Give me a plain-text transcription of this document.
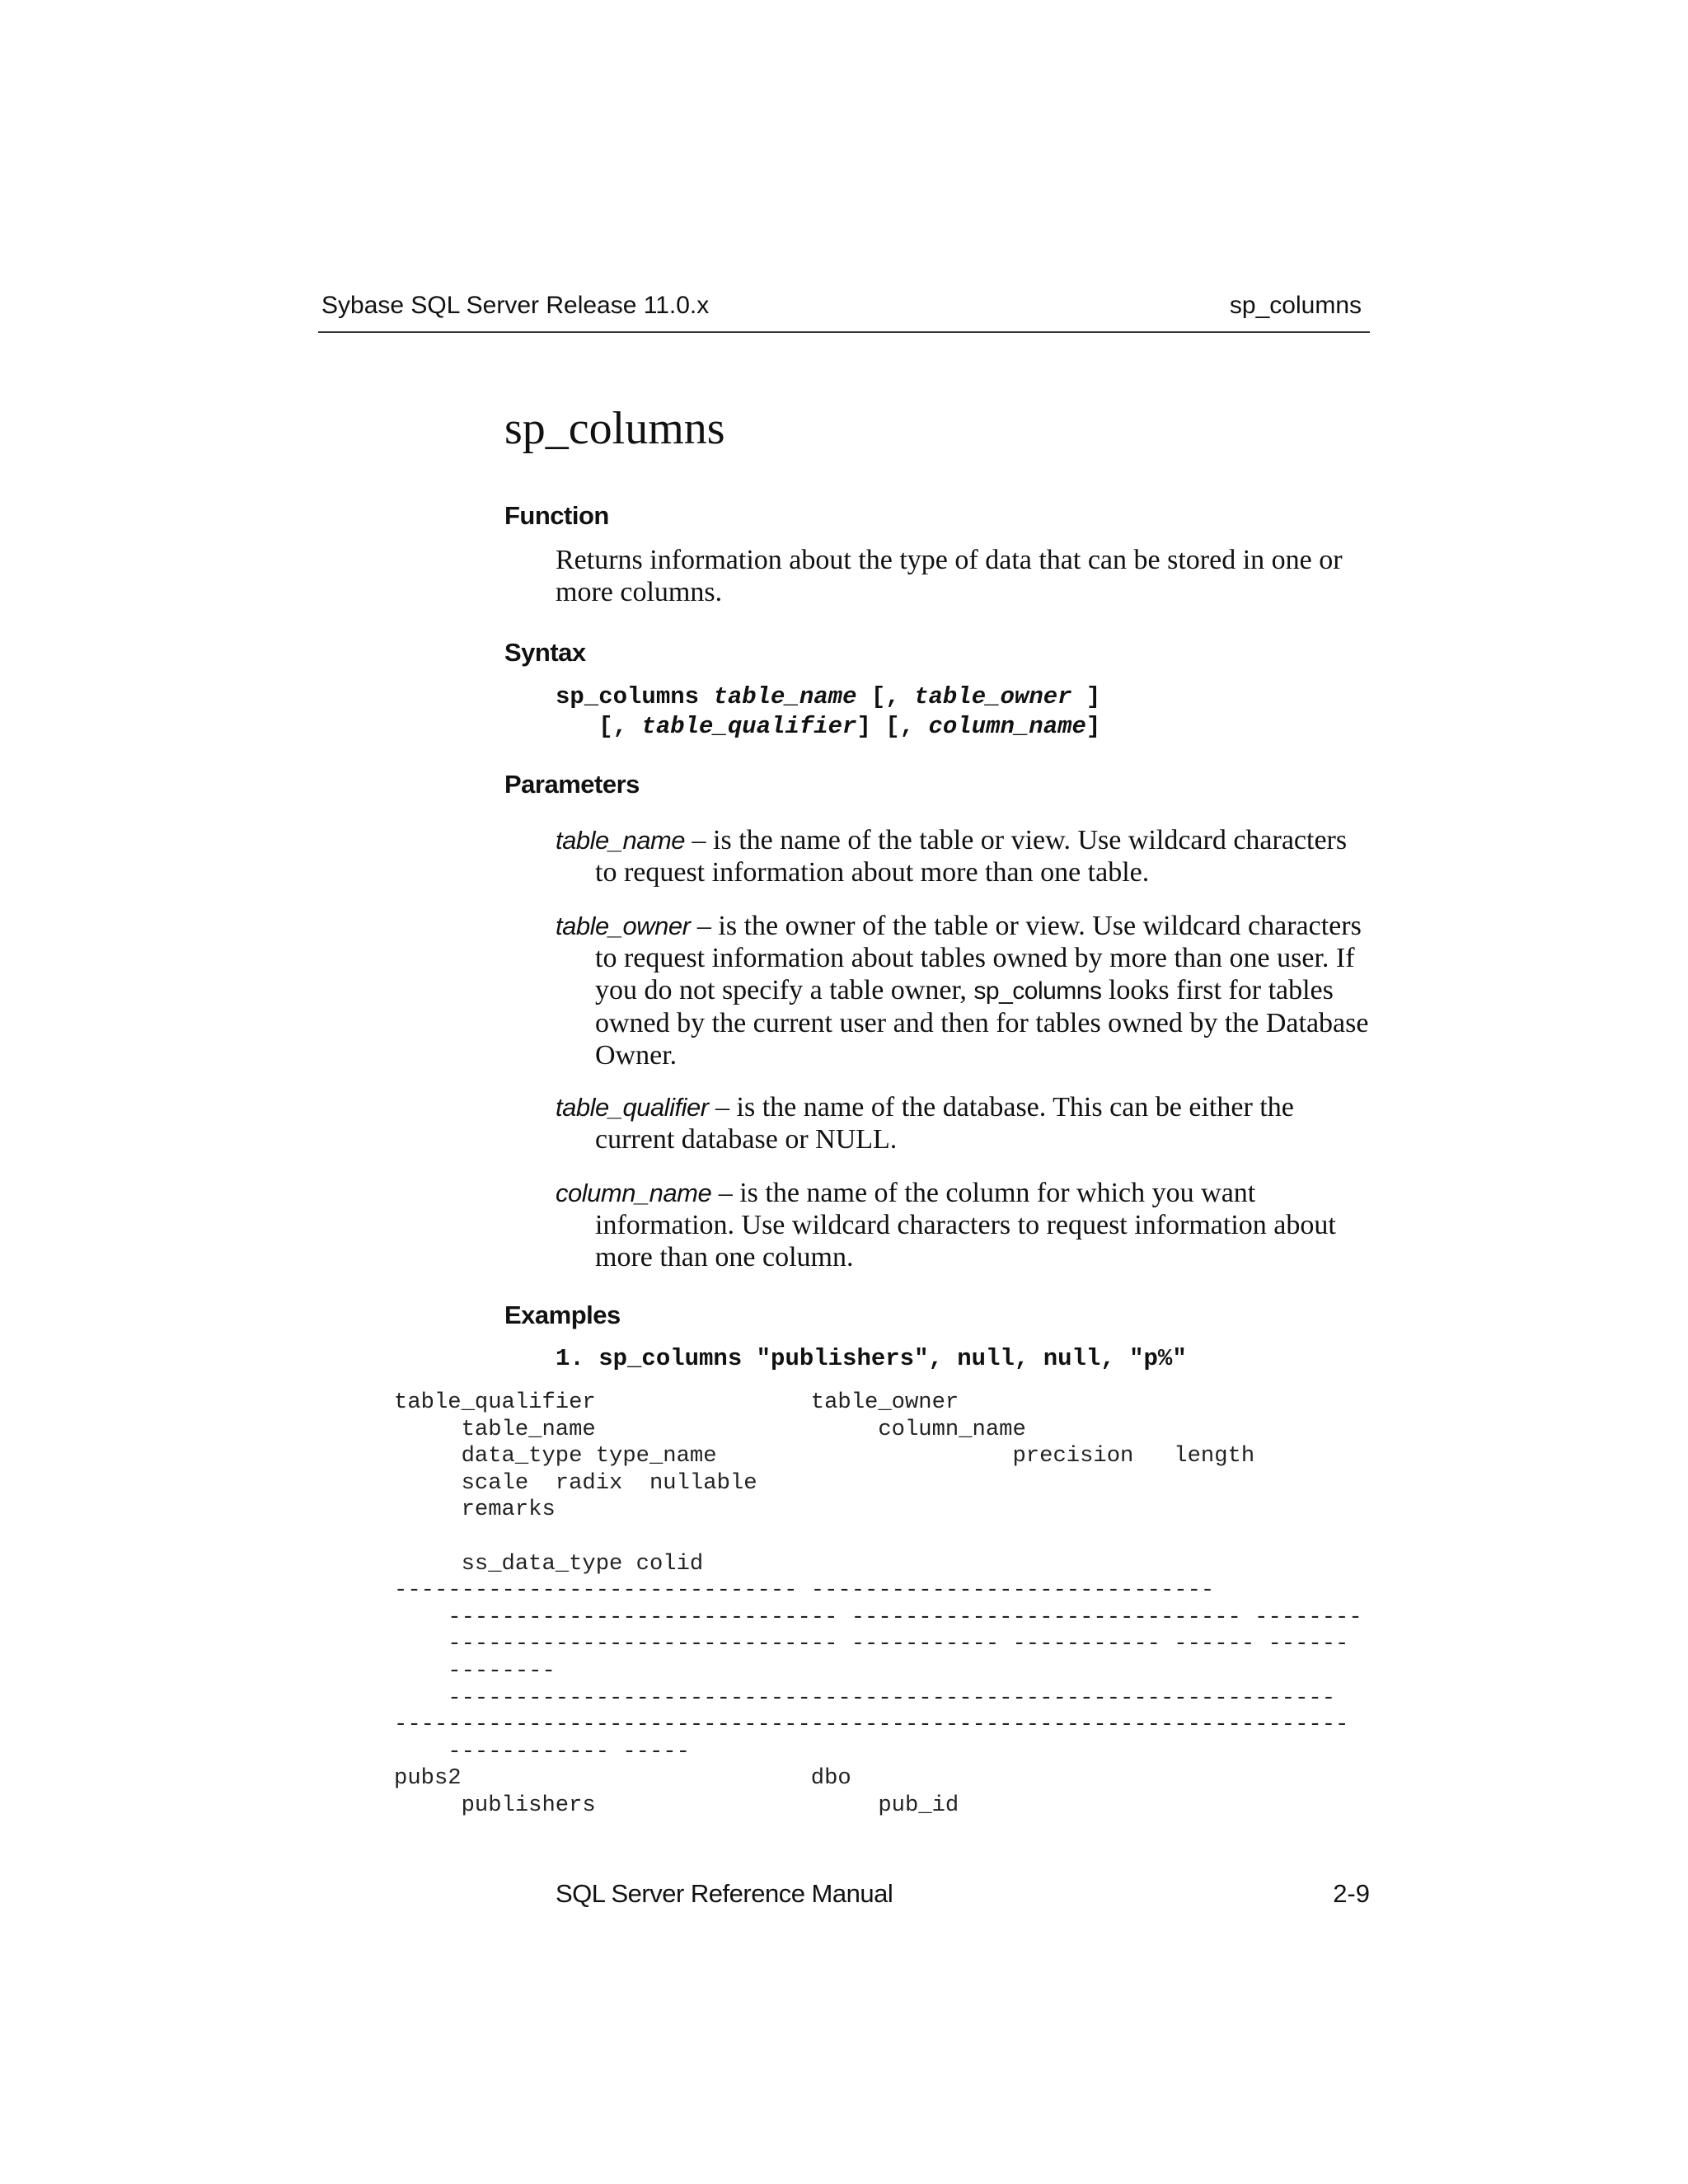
Sybase SQL Server Release 11.0.x	sp_columns
sp_columns
Function
Returns information about the type of data that can be stored in one or more columns.
Syntax
sp_columns table_name [, table_owner ]
[, table_qualifier] [, column_name]
Parameters
table_name – is the name of the table or view. Use wildcard characters to request information about more than one table.
table_owner – is the owner of the table or view. Use wildcard characters to request information about tables owned by more than one user. If you do not specify a table owner, sp_columns looks first for tables owned by the current user and then for tables owned by the Database Owner.
table_qualifier – is the name of the database. This can be either the current database or NULL.
column_name – is the name of the column for which you want information. Use wildcard characters to request information about more than one column.
Examples
1. sp_columns "publishers", null, null, "p%"
table_qualifier                table_owner
table_name                     column_name
data_type type_name                      precision   length
scale  radix  nullable
remarks
ss_data_type colid
------------------------------ ------------------------------
----------------------------- ----------------------------- --------
----------------------------- ----------- ----------- ------ ------
--------
------------------------------------------------------------------
-----------------------------------------------------------------------
------------ -----
pubs2                          dbo
publishers                     pub_id
SQL Server Reference Manual	2-9
